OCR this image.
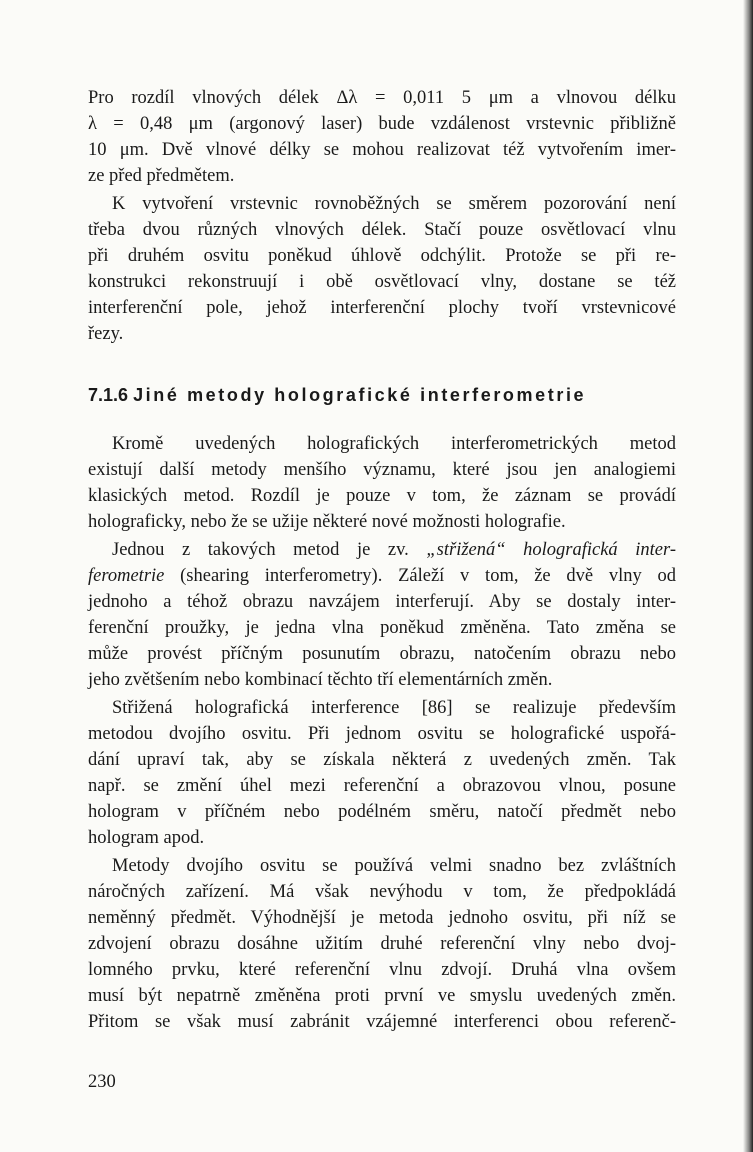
Pro rozdíl vlnových délek Δλ = 0,011 5 μm a vlnovou délku
λ = 0,48 μm (argonový laser) bude vzdálenost vrstevnic přibližně
10 μm. Dvě vlnové délky se mohou realizovat též vytvořením imer-
ze před předmětem.

K vytvoření vrstevnic rovnoběžných se směrem pozorování není
třeba dvou různých vlnových délek. Stačí pouze osvětlovací vlnu
při druhém osvitu poněkud úhlově odchýlit. Protože se při re-
konstrukci rekonstruují i obě osvětlovací vlny, dostane se též
interferenční pole, jehož interferenční plochy tvoří vrstevnicové
řezy.

7.1.6 Jiné metody holografické interferometrie

Kromě uvedených holografických interferometrických metod
existují další metody menšího významu, které jsou jen analogiemi
klasických metod. Rozdíl je pouze v tom, že záznam se provádí
holograficky, nebo že se užije některé nové možnosti holografie.

Jednou z takových metod je zv. „střižená“ holografická inter-
ferometrie (shearing interferometry). Záleží v tom, že dvě vlny od
jednoho a téhož obrazu navzájem interferují. Aby se dostaly inter-
ferenční proužky, je jedna vlna poněkud změněna. Tato změna se
může provést příčným posunutím obrazu, natočením obrazu nebo
jeho zvětšením nebo kombinací těchto tří elementárních změn.

Střižená holografická interference [86] se realizuje především
metodou dvojího osvitu. Při jednom osvitu se holografické uspořá-
dání upraví tak, aby se získala některá z uvedených změn. Tak
např. se změní úhel mezi referenční a obrazovou vlnou, posune
hologram v příčném nebo podélném směru, natočí předmět nebo
hologram apod.

Metody dvojího osvitu se používá velmi snadno bez zvláštních
náročných zařízení. Má však nevýhodu v tom, že předpokládá
neměnný předmět. Výhodnější je metoda jednoho osvitu, při níž se
zdvojení obrazu dosáhne užitím druhé referenční vlny nebo dvoj-
lomného prvku, které referenční vlnu zdvojí. Druhá vlna ovšem
musí být nepatrně změněna proti první ve smyslu uvedených změn.
Přitom se však musí zabránit vzájemné interferenci obou referenč-

230
